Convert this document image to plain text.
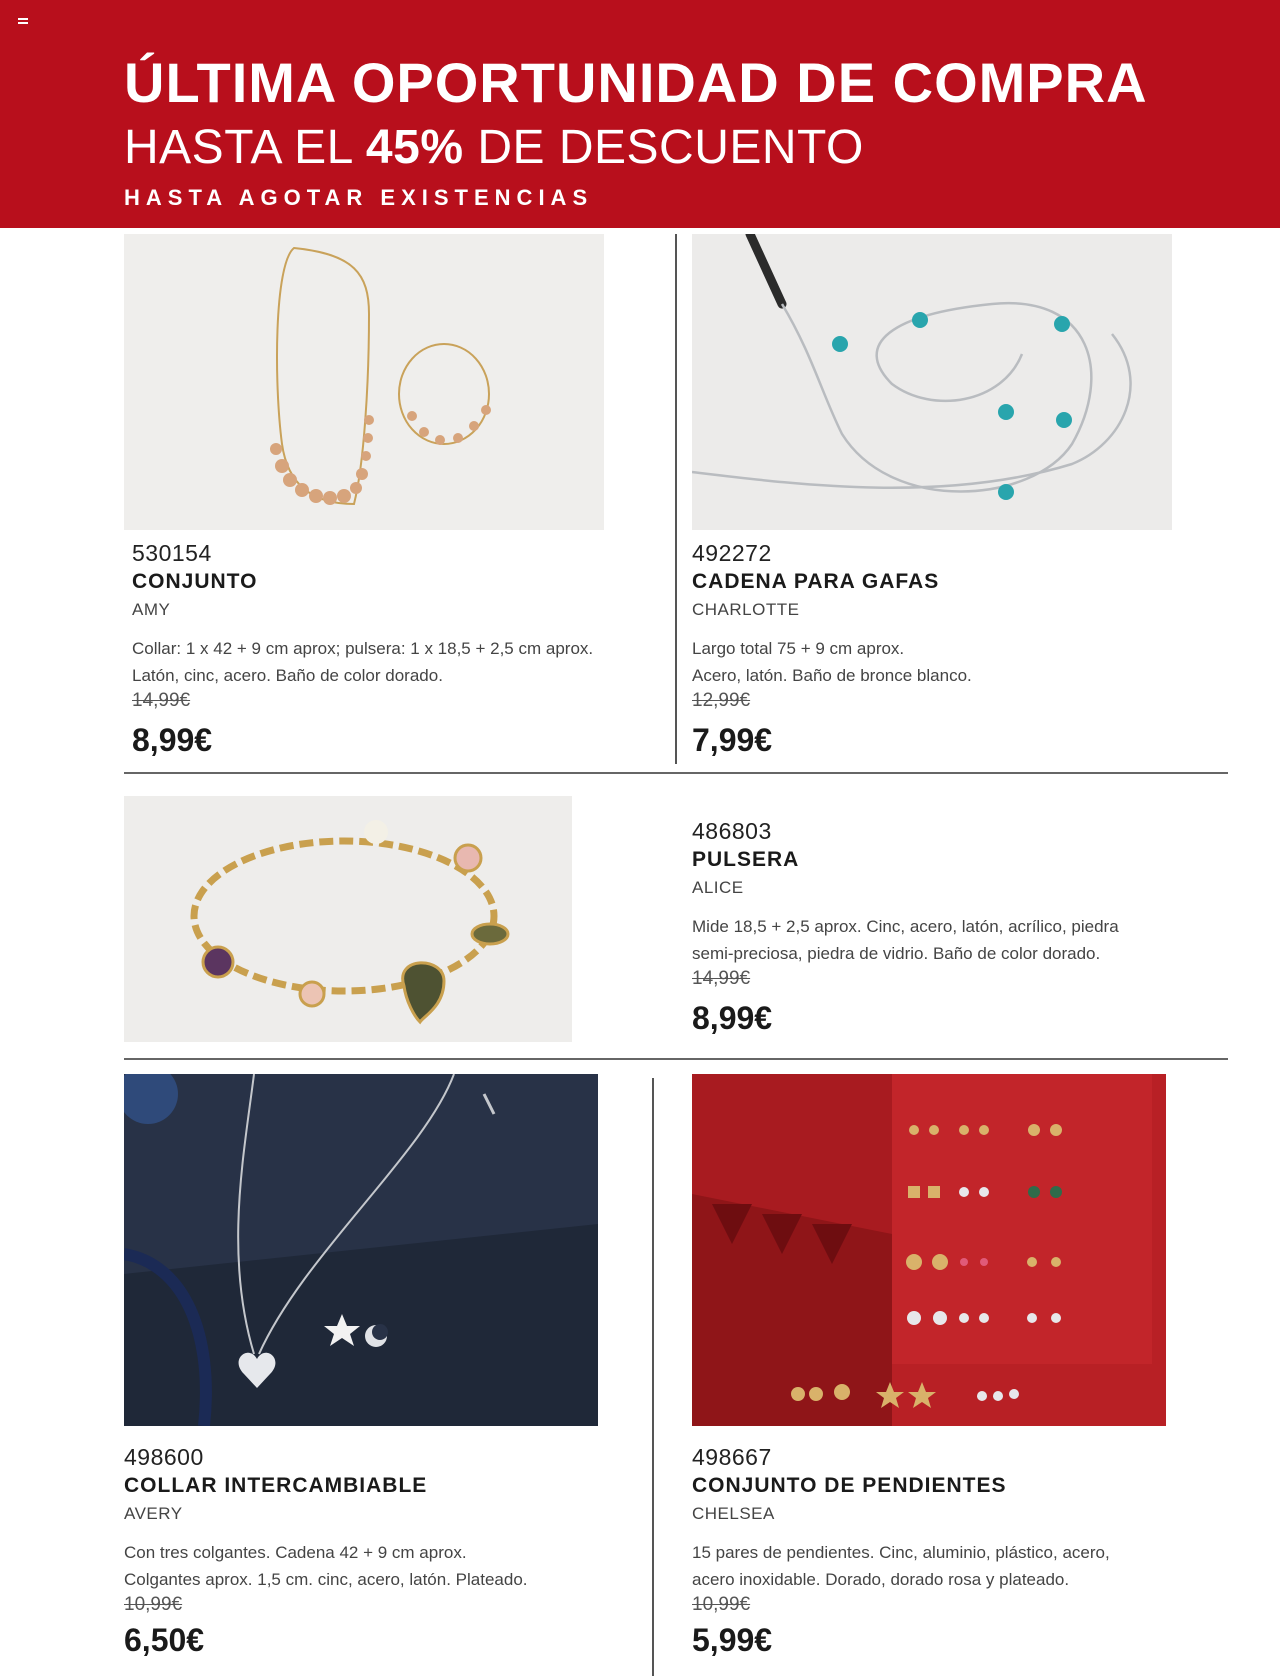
ÚLTIMA OPORTUNIDAD DE COMPRA
HASTA EL 45% DE DESCUENTO
HASTA AGOTAR EXISTENCIAS
530154
CONJUNTO
AMY
Collar: 1 x 42 + 9 cm aprox; pulsera: 1 x 18,5 + 2,5 cm aprox.
Latón, cinc, acero. Baño de color dorado.
14,99€
8,99€
492272
CADENA PARA GAFAS
CHARLOTTE
Largo total 75 + 9 cm aprox.
Acero, latón. Baño de bronce blanco.
12,99€
7,99€
486803
PULSERA
ALICE
Mide 18,5 + 2,5 aprox. Cinc, acero, latón, acrílico, piedra
semi-preciosa, piedra de vidrio. Baño de color dorado.
14,99€
8,99€
498600
COLLAR INTERCAMBIABLE
AVERY
Con tres colgantes. Cadena 42 + 9 cm aprox.
Colgantes aprox. 1,5 cm. cinc, acero, latón. Plateado.
10,99€
6,50€
498667
CONJUNTO DE PENDIENTES
CHELSEA
15 pares de pendientes. Cinc, aluminio, plástico, acero,
acero inoxidable. Dorado, dorado rosa y plateado.
10,99€
5,99€
